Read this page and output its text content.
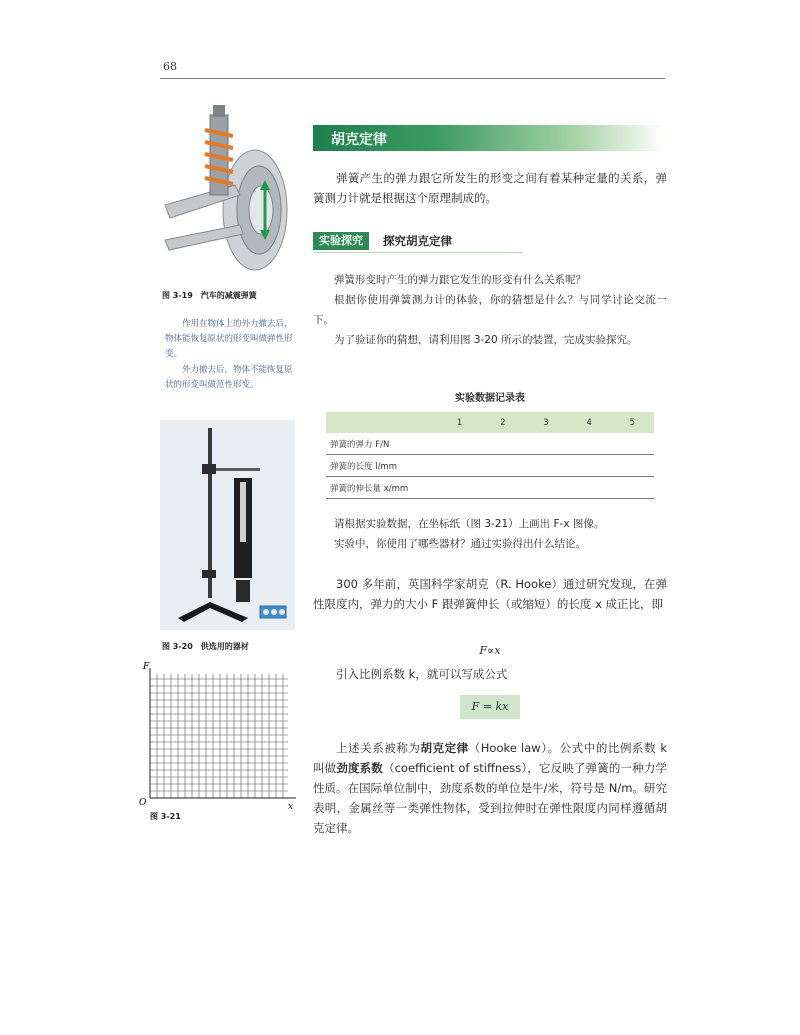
68
图 3-19　汽车的减震弹簧

作用在物体上的外力撤去后，物体能恢复原状的形变叫做弹性形变。

外力撤去后，物体不能恢复原状的形变叫做范性形变。

图 3-20　供选用的器材
F
O	x
图 3-21
胡克定律

弹簧产生的弹力跟它所发生的形变之间有着某种定量的关系，弹簧测力计就是根据这个原理制成的。

实验探究	探究胡克定律

弹簧形变时产生的弹力跟它发生的形变有什么关系呢？

根据你使用弹簧测力计的体验，你的猜想是什么？与同学讨论交流一下。

为了验证你的猜想，请利用图 3-20 所示的装置，完成实验探究。

实验数据记录表
	1	2	3	4	5
弹簧的弹力 F/N					
弹簧的长度 l/mm					
弹簧的伸长量 x/mm					

请根据实验数据，在坐标纸（图 3-21）上画出 F-x 图像。

实验中，你使用了哪些器材？通过实验得出什么结论。

300 多年前，英国科学家胡克（R. Hooke）通过研究发现，在弹性限度内，弹力的大小 F 跟弹簧伸长（或缩短）的长度 x 成正比，即

F∝x

引入比例系数 k，就可以写成公式

F = kx

上述关系被称为胡克定律（Hooke law）。公式中的比例系数 k 叫做劲度系数（coefficient of stiffness），它反映了弹簧的一种力学性质。在国际单位制中，劲度系数的单位是牛/米，符号是 N/m。研究表明，金属丝等一类弹性物体，受到拉伸时在弹性限度内同样遵循胡克定律。
